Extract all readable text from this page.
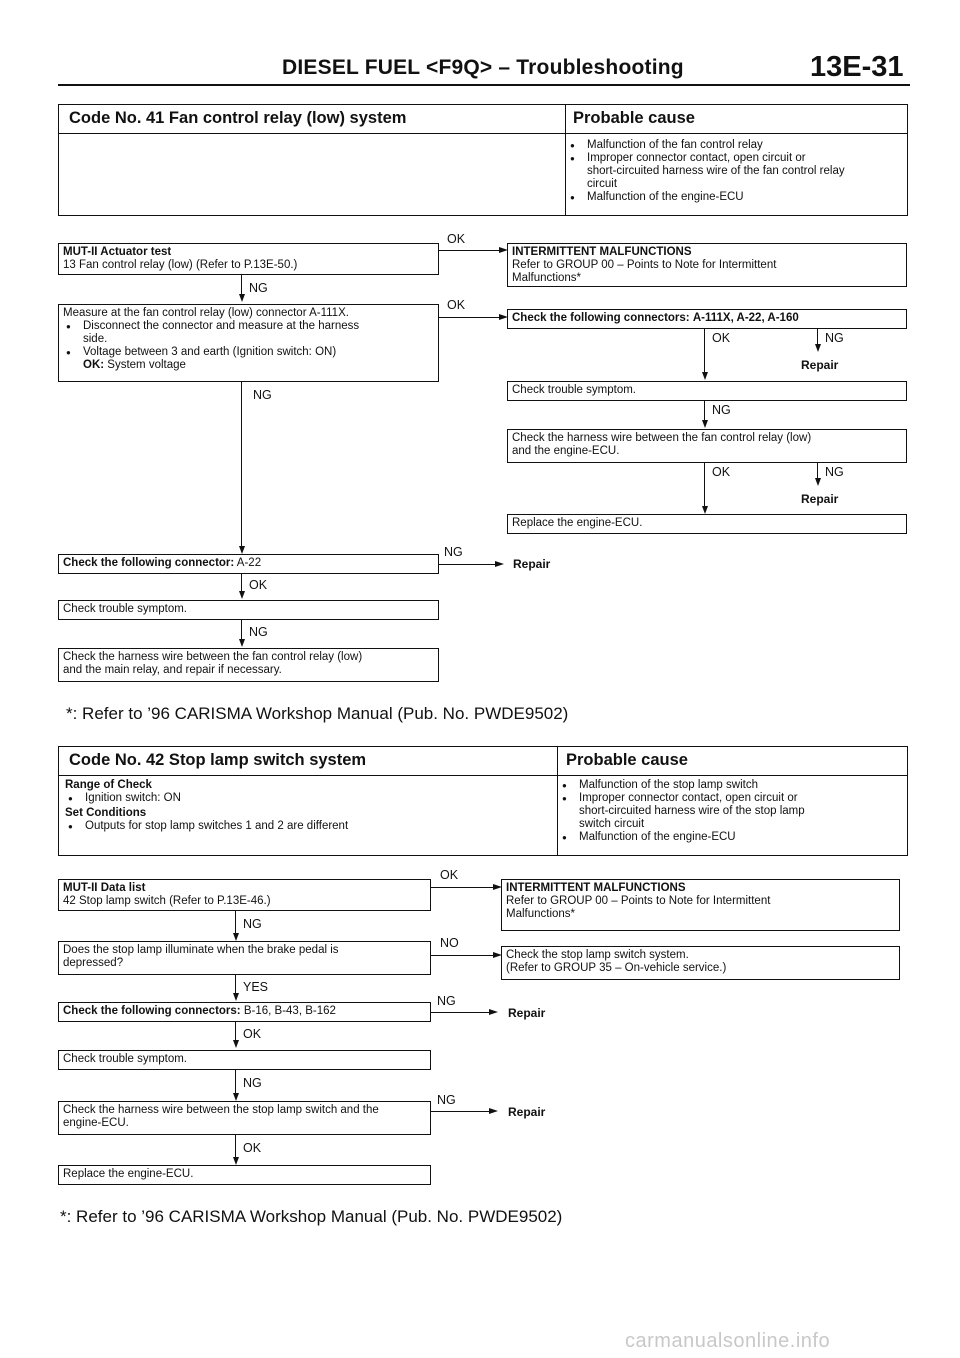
DIESEL FUEL <F9Q> – Troubleshooting	13E-31
Code No. 41 Fan control relay (low) system	Probable cause
● Malfunction of the fan control relay
● Improper connector contact, open circuit or
short-circuited harness wire of the fan control relay
circuit
● Malfunction of the engine-ECU
MUT-II Actuator test
13 Fan control relay (low) (Refer to P.13E-50.)
OK
INTERMITTENT MALFUNCTIONS
Refer to GROUP 00 – Points to Note for Intermittent
Malfunctions*
NG
Measure at the fan control relay (low) connector A-111X.
● Disconnect the connector and measure at the harness
side.
● Voltage between 3 and earth (Ignition switch: ON)
OK: System voltage
OK
Check the following connectors: A-111X, A-22, A-160
OK	NG
Repair
Check trouble symptom.
NG
Check the harness wire between the fan control relay (low)
and the engine-ECU.
OK	NG
Repair
Replace the engine-ECU.
NG
Check the following connector: A-22
NG
Repair
OK
Check trouble symptom.
NG
Check the harness wire between the fan control relay (low)
and the main relay, and repair if necessary.
*: Refer to ’96 CARISMA Workshop Manual (Pub. No. PWDE9502)
Code No. 42 Stop lamp switch system	Probable cause
Range of Check
● Ignition switch: ON
Set Conditions
● Outputs for stop lamp switches 1 and 2 are different
● Malfunction of the stop lamp switch
● Improper connector contact, open circuit or
short-circuited harness wire of the stop lamp
switch circuit
● Malfunction of the engine-ECU
MUT-II Data list
42 Stop lamp switch (Refer to P.13E-46.)
OK
INTERMITTENT MALFUNCTIONS
Refer to GROUP 00 – Points to Note for Intermittent
Malfunctions*
NG
Does the stop lamp illuminate when the brake pedal is
depressed?
NO
Check the stop lamp switch system.
(Refer to GROUP 35 – On-vehicle service.)
YES
Check the following connectors: B-16, B-43, B-162
NG
Repair
OK
Check trouble symptom.
NG
Check the harness wire between the stop lamp switch and the
engine-ECU.
NG
Repair
OK
Replace the engine-ECU.
*: Refer to ’96 CARISMA Workshop Manual (Pub. No. PWDE9502)
carmanualsonline.info
